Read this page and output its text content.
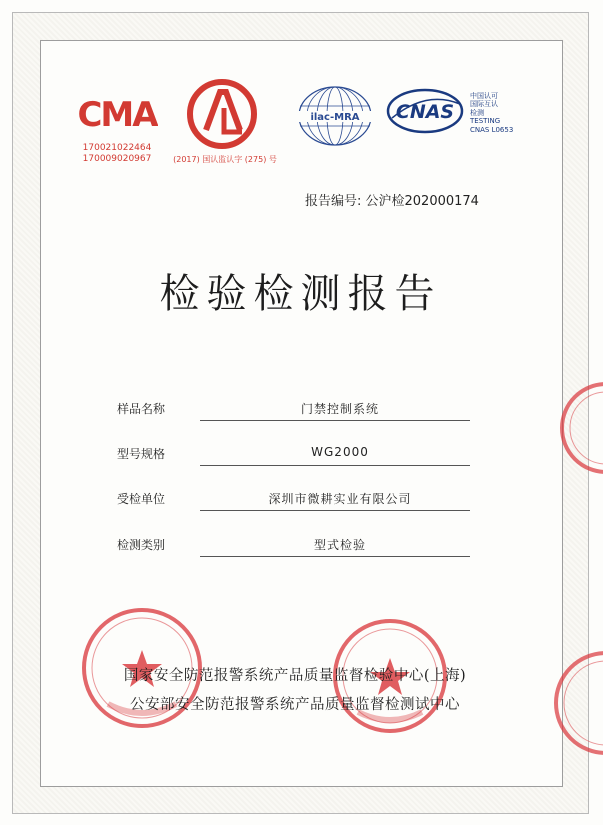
CMA
170021022464
170009020967	(2017) 国认监认字 (275) 号
ilac-MRA CNAS
中国认可
国际互认
检测
TESTING
CNAS L0653
报告编号: 公沪检202000174
检验检测报告
样品名称	门禁控制系统
型号规格	WG2000
受检单位	深圳市微耕实业有限公司
检测类别	型式检验
国家安全防范报警系统产品质量监督检验中心(上海)
公安部安全防范报警系统产品质量监督检测试中心
